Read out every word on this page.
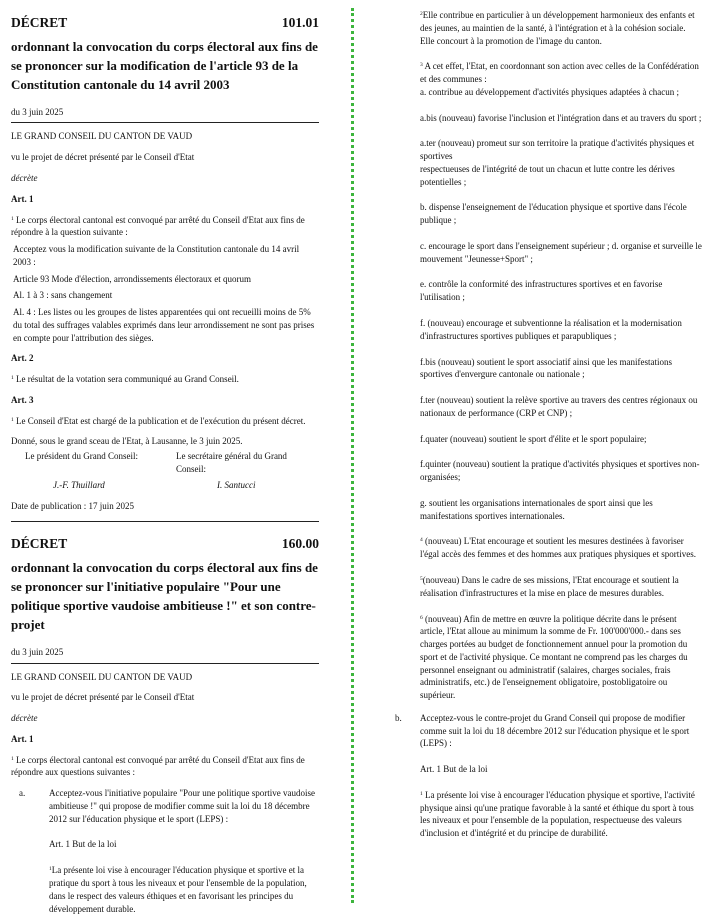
DÉCRET	101.01

ordonnant la convocation du corps électoral aux fins de se prononcer sur la modification de l'article 93 de la Constitution cantonale du 14 avril 2003

du 3 juin 2025

LE GRAND CONSEIL DU CANTON DE VAUD

vu le projet de décret présenté par le Conseil d'Etat

décrète

Art. 1

$^1$ Le corps électoral cantonal est convoqué par arrêté du Conseil d'Etat aux fins de répondre à la question suivante :

Acceptez vous la modification suivante de la Constitution cantonale du 14 avril 2003 :

Article 93 Mode d'élection, arrondissements électoraux et quorum

Al. 1 à 3 : sans changement

Al. 4 : Les listes ou les groupes de listes apparentées qui ont recueilli moins de 5% du total des suffrages valables exprimés dans leur arrondissement ne sont pas prises en compte pour l'attribution des sièges.

Art. 2

$^1$ Le résultat de la votation sera communiqué au Grand Conseil.

Art. 3

$^1$ Le Conseil d'Etat est chargé de la publication et de l'exécution du présent décret.

Donné, sous le grand sceau de l'Etat, à Lausanne, le 3 juin 2025.

Le président du Grand Conseil:	Le secrétaire général du Grand Conseil:
J.-F. Thuillard	I. Santucci

Date de publication : 17 juin 2025

DÉCRET	160.00

ordonnant la convocation du corps électoral aux fins de se prononcer sur l'initiative populaire "Pour une politique sportive vaudoise ambitieuse !" et son contre-projet

du 3 juin 2025

LE GRAND CONSEIL DU CANTON DE VAUD

vu le projet de décret présenté par le Conseil d'Etat

décrète

Art. 1

$^1$ Le corps électoral cantonal est convoqué par arrêté du Conseil d'Etat aux fins de répondre aux questions suivantes :

a.	Acceptez-vous l'initiative populaire "Pour une politique sportive vaudoise ambitieuse !" qui propose de modifier comme suit la loi du 18 décembre 2012 sur l'éducation physique et le sport (LEPS) :

Art. 1 But de la loi

$^1$La présente loi vise à encourager l'éducation physique et sportive et la pratique du sport à tous les niveaux et pour l'ensemble de la population, dans le respect des valeurs éthiques et en favorisant les principes du développement durable.

$^2$Elle contribue en particulier à un développement harmonieux des enfants et des jeunes, au maintien de la santé, à l'intégration et à la cohésion sociale. Elle concourt à la promotion de l'image du canton.

$^3$ A cet effet, l'Etat, en coordonnant son action avec celles de la Confédération et des communes :

a. contribue au développement d'activités physiques adaptées à chacun ;

a.bis (nouveau) favorise l'inclusion et l'intégration dans et au travers du sport ;

a.ter (nouveau) promeut sur son territoire la pratique d'activités physiques et sportives

respectueuses de l'intégrité de tout un chacun et lutte contre les dérives potentielles ;

b. dispense l'enseignement de l'éducation physique et sportive dans l'école publique ;

c. encourage le sport dans l'enseignement supérieur ; d. organise et surveille le mouvement "Jeunesse+Sport" ;

e. contrôle la conformité des infrastructures sportives et en favorise l'utilisation ;

f. (nouveau) encourage et subventionne la réalisation et la modernisation d'infrastructures sportives publiques et parapubliques ;

f.bis (nouveau) soutient le sport associatif ainsi que les manifestations sportives d'envergure cantonale ou nationale ;

f.ter (nouveau) soutient la relève sportive au travers des centres régionaux ou nationaux de performance (CRP et CNP) ;

f.quater (nouveau) soutient le sport d'élite et le sport populaire;

f.quinter (nouveau) soutient la pratique d'activités physiques et sportives non-organisées;

g. soutient les organisations internationales de sport ainsi que les manifestations sportives internationales.

$^4$ (nouveau) L'Etat encourage et soutient les mesures destinées à favoriser l'égal accès des femmes et des hommes aux pratiques physiques et sportives.

$^5$(nouveau) Dans le cadre de ses missions, l'Etat encourage et soutient la réalisation d'infrastructures et la mise en place de mesures durables.

$^6$ (nouveau) Afin de mettre en œuvre la politique décrite dans le présent article, l'Etat alloue au minimum la somme de Fr. 100'000'000.- dans ses charges portées au budget de fonctionnement annuel pour la promotion du sport et de l'activité physique. Ce montant ne comprend pas les charges du personnel enseignant ou administratif (salaires, charges sociales, frais administratifs, etc.) de l'enseignement obligatoire, postobligatoire ou supérieur.

b. Acceptez-vous le contre-projet du Grand Conseil qui propose de modifier comme suit la loi du 18 décembre 2012 sur l'éducation physique et le sport (LEPS) :

Art. 1 But de la loi

$^1$ La présente loi vise à encourager l'éducation physique et sportive, l'activité physique ainsi qu'une pratique favorable à la santé et éthique du sport à tous les niveaux et pour l'ensemble de la population, respectueuse des valeurs d'inclusion et d'intégrité et du principe de durabilité.
